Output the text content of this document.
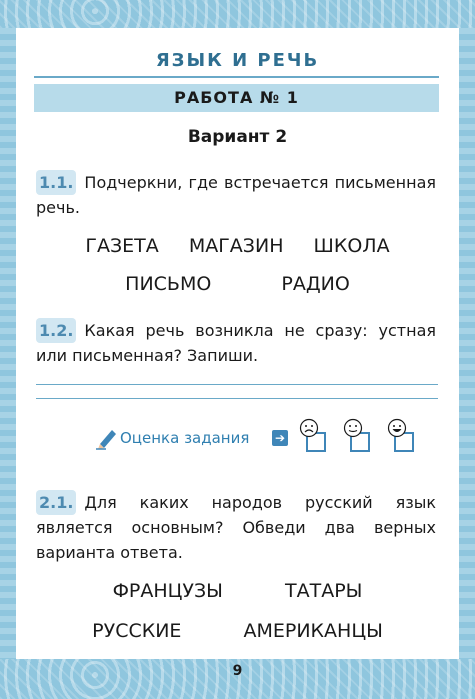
ЯЗЫК И РЕЧЬ
РАБОТА № 1
Вариант 2
1.1. Подчеркни, где встречается письменная речь.
ГАЗЕТА МАГАЗИН ШКОЛА
ПИСЬМО	РАДИО
1.2. Какая речь возникла не сразу: устная или письменная? Запиши.
Оценка задания ➔
2.1. Для каких народов русский язык является основным? Обведи два верных варианта ответа.
ФРАНЦУЗЫ	ТАТАРЫ
РУССКИЕ	АМЕРИКАНЦЫ
9
